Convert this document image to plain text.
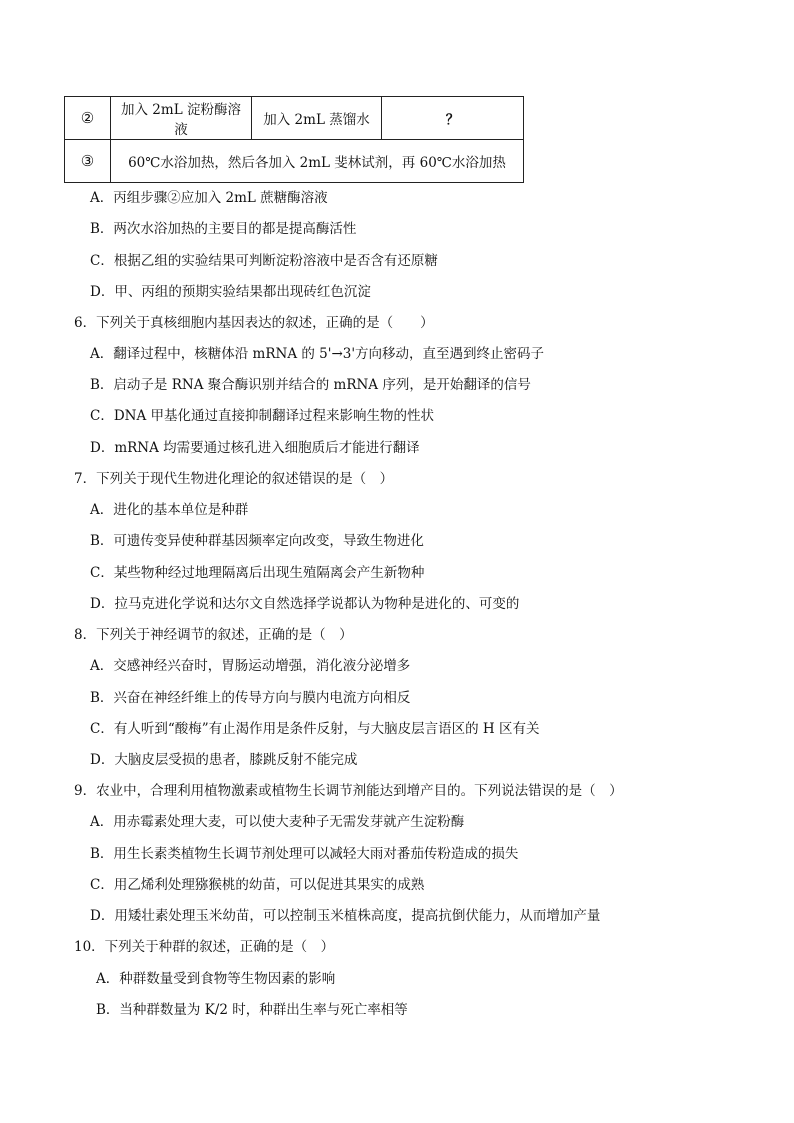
②	加入 2mL 淀粉酶溶液	加入 2mL 蒸馏水	？
③	60℃水浴加热，然后各加入 2mL 斐林试剂，再 60℃水浴加热		
A．丙组步骤②应加入 2mL 蔗糖酶溶液
B．两次水浴加热的主要目的都是提高酶活性
C．根据乙组的实验结果可判断淀粉溶液中是否含有还原糖
D．甲、丙组的预期实验结果都出现砖红色沉淀
6．下列关于真核细胞内基因表达的叙述，正确的是（　　）
A．翻译过程中，核糖体沿 mRNA 的 5'→3'方向移动，直至遇到终止密码子
B．启动子是 RNA 聚合酶识别并结合的 mRNA 序列，是开始翻译的信号
C．DNA 甲基化通过直接抑制翻译过程来影响生物的性状
D．mRNA 均需要通过核孔进入细胞质后才能进行翻译
7．下列关于现代生物进化理论的叙述错误的是（　）
A．进化的基本单位是种群
B．可遗传变异使种群基因频率定向改变，导致生物进化
C．某些物种经过地理隔离后出现生殖隔离会产生新物种
D．拉马克进化学说和达尔文自然选择学说都认为物种是进化的、可变的
8．下列关于神经调节的叙述，正确的是（　）
A．交感神经兴奋时，胃肠运动增强，消化液分泌增多
B．兴奋在神经纤维上的传导方向与膜内电流方向相反
C．有人听到“酸梅”有止渴作用是条件反射，与大脑皮层言语区的 H 区有关
D．大脑皮层受损的患者，膝跳反射不能完成
9．农业中，合理利用植物激素或植物生长调节剂能达到增产目的。下列说法错误的是（　）
A．用赤霉素处理大麦，可以使大麦种子无需发芽就产生淀粉酶
B．用生长素类植物生长调节剂处理可以减轻大雨对番茄传粉造成的损失
C．用乙烯利处理猕猴桃的幼苗，可以促进其果实的成熟
D．用矮壮素处理玉米幼苗，可以控制玉米植株高度，提高抗倒伏能力，从而增加产量
10．下列关于种群的叙述，正确的是（　）
A．种群数量受到食物等生物因素的影响
B．当种群数量为 K/2 时，种群出生率与死亡率相等
